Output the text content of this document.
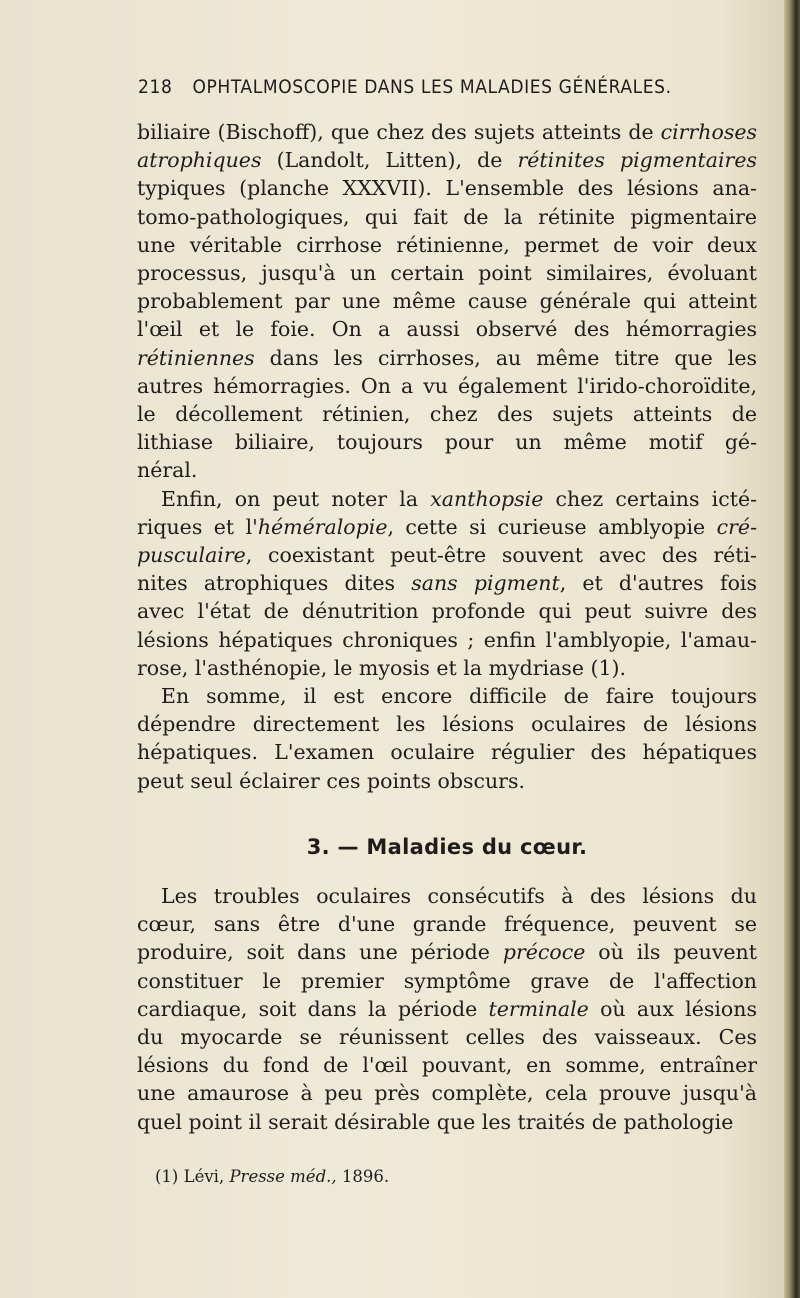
218 OPHTALMOSCOPIE DANS LES MALADIES GÉNÉRALES.

biliaire (Bischoff), que chez des sujets atteints de cirrhoses
atrophiques (Landolt, Litten), de rétinites pigmentaires
typiques (planche XXXVII). L'ensemble des lésions ana-
tomo-pathologiques, qui fait de la rétinite pigmentaire
une véritable cirrhose rétinienne, permet de voir deux
processus, jusqu'à un certain point similaires, évoluant
probablement par une même cause générale qui atteint
l'œil et le foie. On a aussi observé des hémorragies
rétiniennes dans les cirrhoses, au même titre que les
autres hémorragies. On a vu également l'irido-choroïdite,
le décollement rétinien, chez des sujets atteints de
lithiase biliaire, toujours pour un même motif gé-
néral.

Enfin, on peut noter la xanthopsie chez certains icté-
riques et l'héméralopie, cette si curieuse amblyopie cré-
pusculaire, coexistant peut-être souvent avec des réti-
nites atrophiques dites sans pigment, et d'autres fois
avec l'état de dénutrition profonde qui peut suivre des
lésions hépatiques chroniques ; enfin l'amblyopie, l'amau-
rose, l'asthénopie, le myosis et la mydriase (1).

En somme, il est encore difficile de faire toujours
dépendre directement les lésions oculaires de lésions
hépatiques. L'examen oculaire régulier des hépatiques
peut seul éclairer ces points obscurs.

3. — Maladies du cœur.

Les troubles oculaires consécutifs à des lésions du
cœur, sans être d'une grande fréquence, peuvent se
produire, soit dans une période précoce où ils peuvent
constituer le premier symptôme grave de l'affection
cardiaque, soit dans la période terminale où aux lésions
du myocarde se réunissent celles des vaisseaux. Ces
lésions du fond de l'œil pouvant, en somme, entraîner
une amaurose à peu près complète, cela prouve jusqu'à
quel point il serait désirable que les traités de pathologie

(1) Lévi, Presse méd., 1896.
